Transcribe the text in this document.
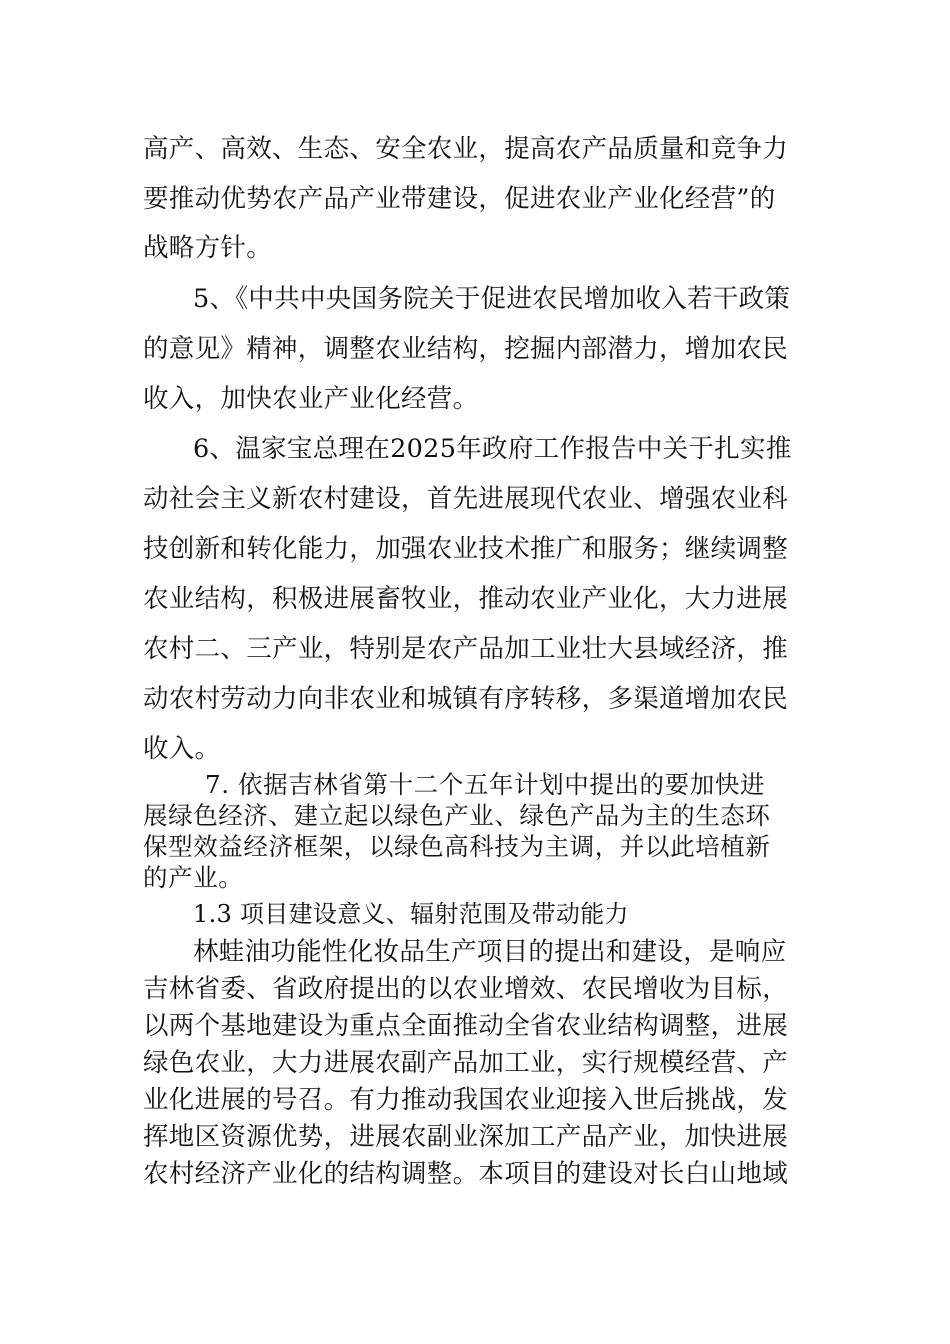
高产、高效、生态、安全农业，提高农产品质量和竞争力
要推动优势农产品产业带建设，促进农业产业化经营”的
战略方针。
5、《中共中央国务院关于促进农民增加收入若干政策
的意见》精神，调整农业结构，挖掘内部潜力，增加农民
收入，加快农业产业化经营。
6、温家宝总理在2025年政府工作报告中关于扎实推
动社会主义新农村建设，首先进展现代农业、增强农业科
技创新和转化能力，加强农业技术推广和服务；继续调整
农业结构，积极进展畜牧业，推动农业产业化，大力进展
农村二、三产业，特别是农产品加工业壮大县域经济，推
动农村劳动力向非农业和城镇有序转移，多渠道增加农民
收入。
7. 依据吉林省第十二个五年计划中提出的要加快进
展绿色经济、建立起以绿色产业、绿色产品为主的生态环
保型效益经济框架，以绿色高科技为主调，并以此培植新
的产业。
1.3 项目建设意义、辐射范围及带动能力
林蛙油功能性化妆品生产项目的提出和建设，是响应
吉林省委、省政府提出的以农业增效、农民增收为目标，
以两个基地建设为重点全面推动全省农业结构调整，进展
绿色农业，大力进展农副产品加工业，实行规模经营、产
业化进展的号召。有力推动我国农业迎接入世后挑战，发
挥地区资源优势，进展农副业深加工产品产业，加快进展
农村经济产业化的结构调整。本项目的建设对长白山地域
